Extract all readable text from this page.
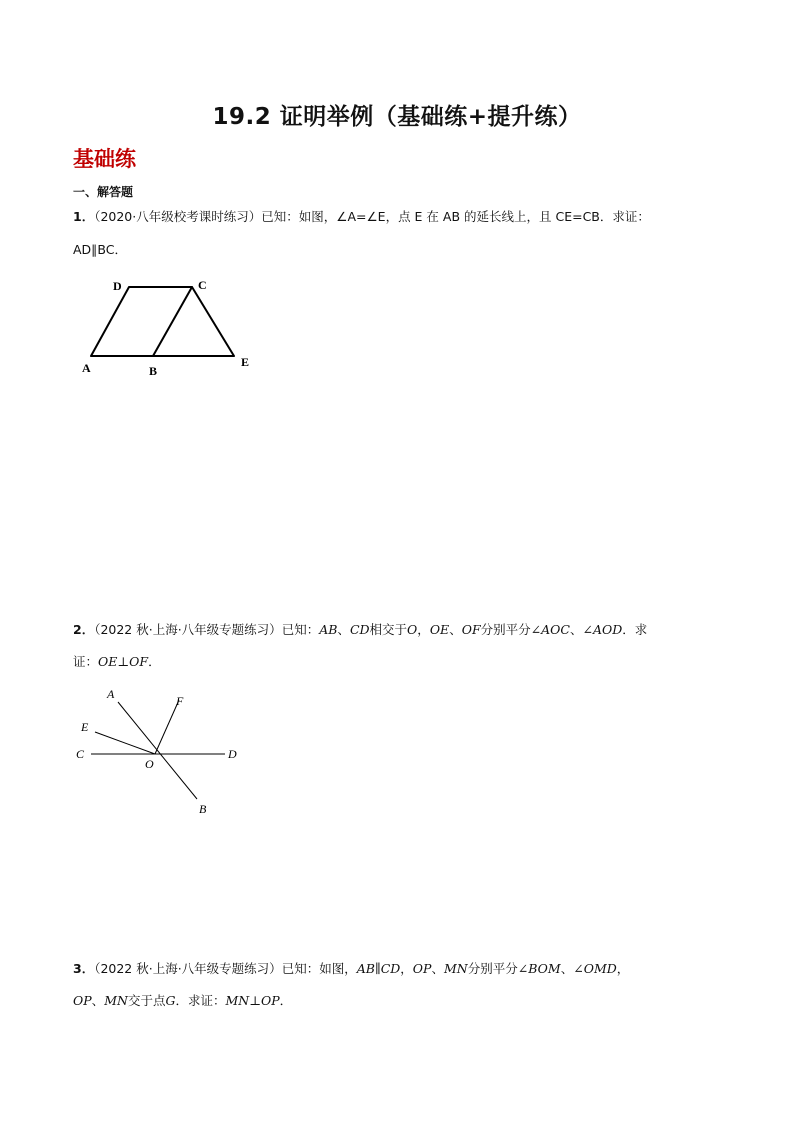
19.2 证明举例（基础练+提升练）
基础练
一、解答题
1．（2020·八年级校考课时练习）已知：如图，∠A=∠E，点 E 在 AB 的延长线上，且 CE=CB．求证：
AD∥BC．
A	B
C
D
E
2．（2022 秋·上海·八年级专题练习）已知：AB、CD相交于O，OE、OF分别平分∠AOC、∠AOD．求
证：OE⊥OF．
A	F
E
C
O
D
B
3．（2022 秋·上海·八年级专题练习）已知：如图，AB∥CD，OP、MN分别平分∠BOM、∠OMD，
OP、MN交于点G．求证：MN⊥OP．
